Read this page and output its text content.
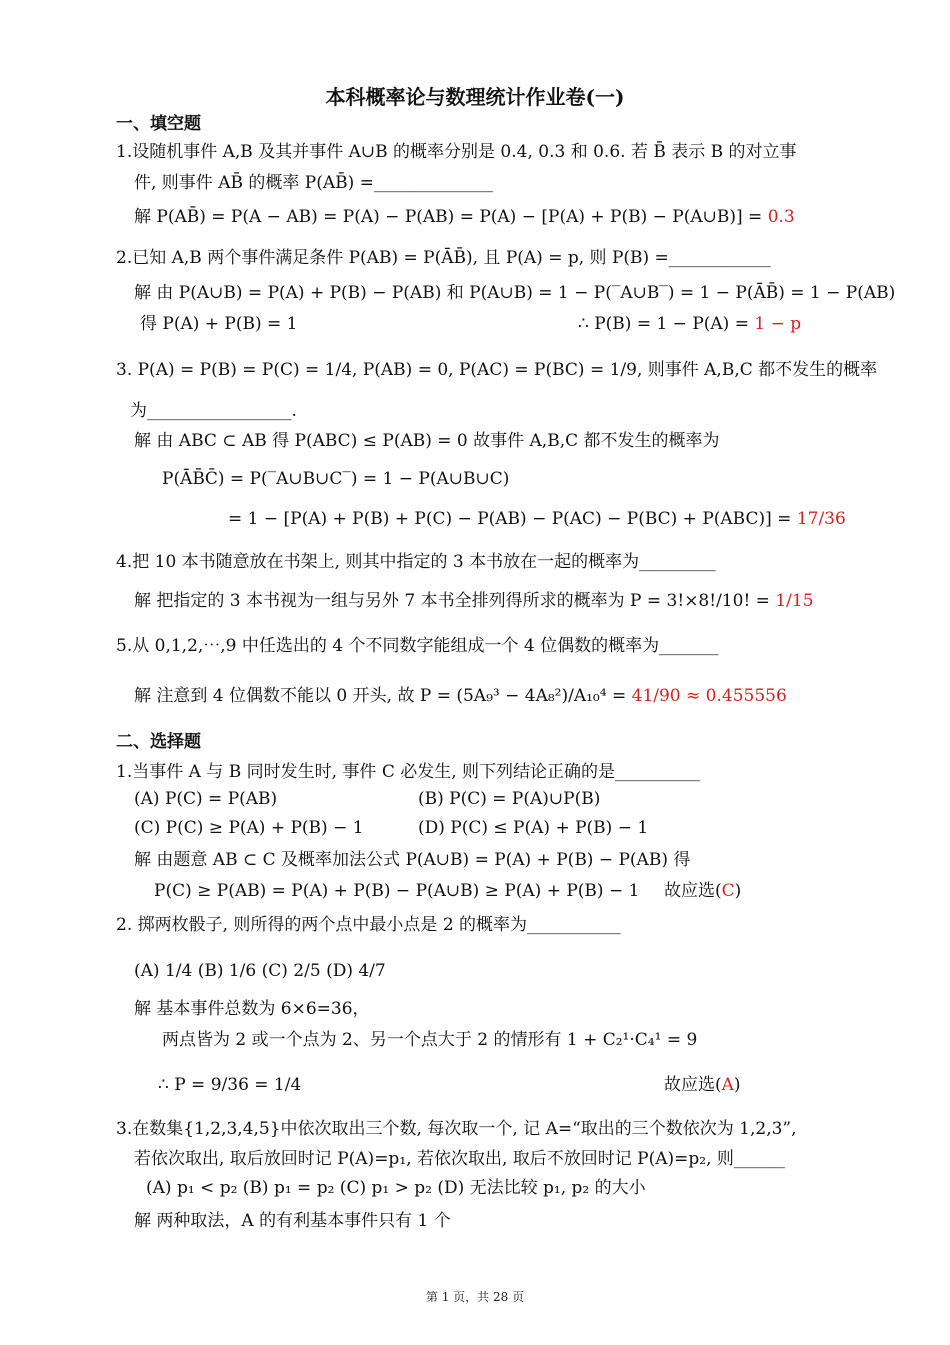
本科概率论与数理统计作业卷(一)
一、填空题
二、选择题
1.设随机事件 A,B 及其并事件 A∪B 的概率分别是 0.4, 0.3 和 0.6. 若 B̄ 表示 B 的对立事
件, 则事件 AB̄ 的概率 P(AB̄) =______________
解 P(AB̄) = P(A − AB) = P(A) − P(AB) = P(A) − [P(A) + P(B) − P(A∪B)] = 0.3
2.已知 A,B 两个事件满足条件 P(AB) = P(ĀB̄), 且 P(A) = p, 则 P(B) =____________
解 由 P(A∪B) = P(A) + P(B) − P(AB) 和 P(A∪B) = 1 − P(‾A∪B‾) = 1 − P(ĀB̄) = 1 − P(AB)
得 P(A) + P(B) = 1	∴ P(B) = 1 − P(A) = 1 − p
3. P(A) = P(B) = P(C) = 1/4, P(AB) = 0, P(AC) = P(BC) = 1/9, 则事件 A,B,C 都不发生的概率
为_________________.
解 由 ABC ⊂ AB 得 P(ABC) ≤ P(AB) = 0 故事件 A,B,C 都不发生的概率为
P(ĀB̄C̄) = P(‾A∪B∪C‾) = 1 − P(A∪B∪C)
= 1 − [P(A) + P(B) + P(C) − P(AB) − P(AC) − P(BC) + P(ABC)] = 17/36
4.把 10 本书随意放在书架上, 则其中指定的 3 本书放在一起的概率为_________
解 把指定的 3 本书视为一组与另外 7 本书全排列得所求的概率为 P = 3!×8!/10! = 1/15
5.从 0,1,2,⋯,9 中任选出的 4 个不同数字能组成一个 4 位偶数的概率为_______
解 注意到 4 位偶数不能以 0 开头, 故 P = (5A₉³ − 4A₈²)/A₁₀⁴ = 41/90 ≈ 0.455556
1.当事件 A 与 B 同时发生时, 事件 C 必发生, 则下列结论正确的是__________
(A) P(C) = P(AB)	(B) P(C) = P(A)∪P(B)
(C) P(C) ≥ P(A) + P(B) − 1	(D) P(C) ≤ P(A) + P(B) − 1
解 由题意 AB ⊂ C 及概率加法公式 P(A∪B) = P(A) + P(B) − P(AB) 得
P(C) ≥ P(AB) = P(A) + P(B) − P(A∪B) ≥ P(A) + P(B) − 1 故应选(C)
2. 掷两枚骰子, 则所得的两个点中最小点是 2 的概率为___________
(A) 1/4 (B) 1/6 (C) 2/5 (D) 4/7
解 基本事件总数为 6×6=36，
两点皆为 2 或一个点为 2、另一个点大于 2 的情形有 1 + C₂¹·C₄¹ = 9
∴ P = 9/36 = 1/4	故应选(A)
3.在数集{1,2,3,4,5}中依次取出三个数, 每次取一个, 记 A=“取出的三个数依次为 1,2,3”,
若依次取出, 取后放回时记 P(A)=p₁, 若依次取出, 取后不放回时记 P(A)=p₂, 则______
(A) p₁ < p₂ (B) p₁ = p₂ (C) p₁ > p₂ (D) 无法比较 p₁, p₂ 的大小
解 两种取法，A 的有利基本事件只有 1 个
第 1 页，共 28 页
